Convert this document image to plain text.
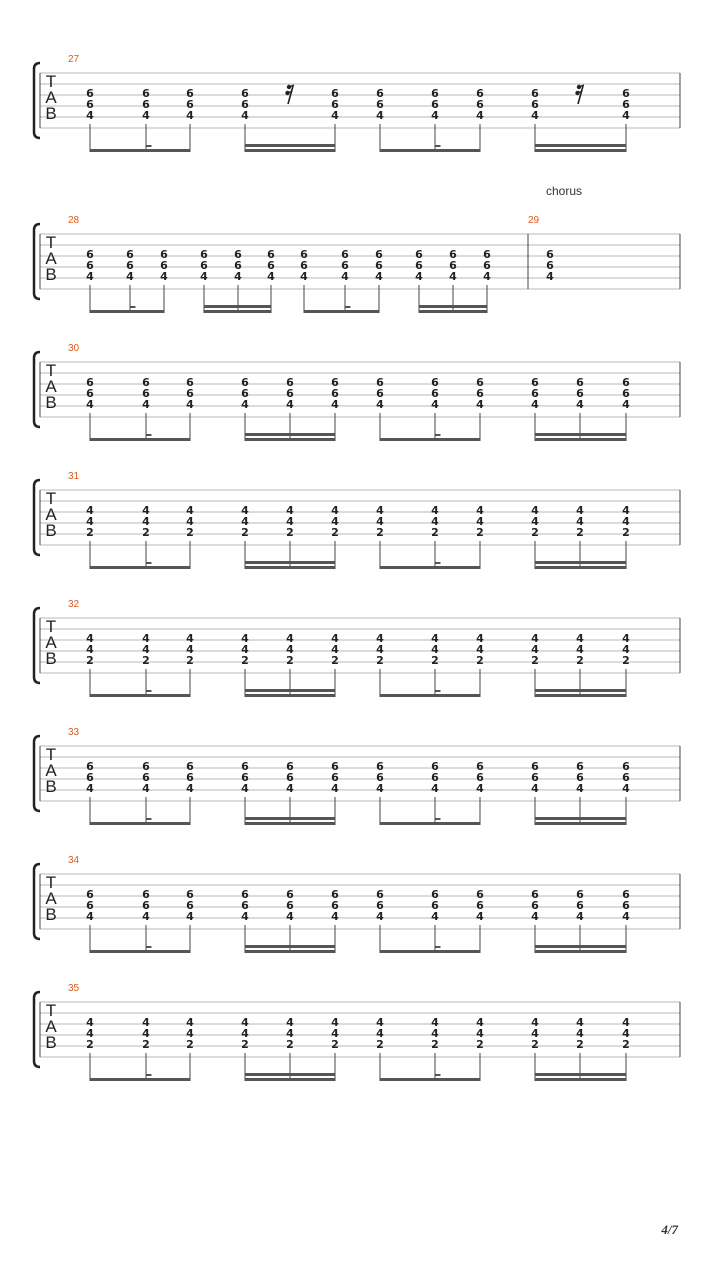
T
A
B
27
6
6
4
6
6
4
6
6
4
6
6
4
6
6
4
6
6
4
6
6
4
6
6
4
6
6
4
6
6
4
T
A
B
28
6
6
4
6
6
4
6
6
4
6
6
4
6
6
4
6
6
4
6
6
4
6
6
4
6
6
4
6
6
4
6
6
4
6
6
4
29
chorus
6
6
4
T
A
B
30
6
6
4
6
6
4
6
6
4
6
6
4
6
6
4
6
6
4
6
6
4
6
6
4
6
6
4
6
6
4
6
6
4
6
6
4
T
A
B
31
4
4
2
4
4
2
4
4
2
4
4
2
4
4
2
4
4
2
4
4
2
4
4
2
4
4
2
4
4
2
4
4
2
4
4
2
T
A
B
32
4
4
2
4
4
2
4
4
2
4
4
2
4
4
2
4
4
2
4
4
2
4
4
2
4
4
2
4
4
2
4
4
2
4
4
2
T
A
B
33
6
6
4
6
6
4
6
6
4
6
6
4
6
6
4
6
6
4
6
6
4
6
6
4
6
6
4
6
6
4
6
6
4
6
6
4
T
A
B
34
6
6
4
6
6
4
6
6
4
6
6
4
6
6
4
6
6
4
6
6
4
6
6
4
6
6
4
6
6
4
6
6
4
6
6
4
T
A
B
35
4
4
2
4
4
2
4
4
2
4
4
2
4
4
2
4
4
2
4
4
2
4
4
2
4
4
2
4
4
2
4
4
2
4
4
2
4/7
